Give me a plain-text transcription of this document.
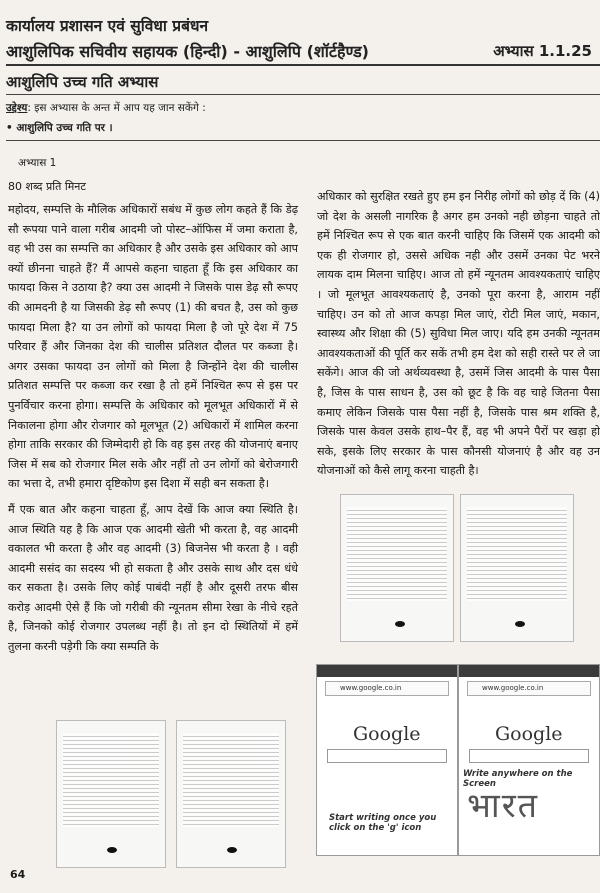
कार्यालय प्रशासन एवं सुविधा प्रबंधन
आशुलिपिक सचिवीय सहायक (हिन्दी) - आशुलिपि (शॉर्टहैण्ड)	अभ्यास 1.1.25
आशुलिपि उच्च गति अभ्यास
उद्देश्य: इस अभ्यास के अन्त में आप यह जान सकेंगे :
• आशुलिपि उच्च गति पर ।
अभ्यास 1

80 शब्द प्रति मिनट

महोदय, सम्पत्ति के मौलिक अधिकारों सबंध में कुछ लोग कहते हैं कि डेढ़ सौ रूपया पाने वाला गरीब आदमी जो पोस्ट–ऑफिस में जमा कराता है, वह भी उस का सम्पत्ति का अधिकार है और उसके इस अधिकार को आप क्यों छीनना चाहते हैं? मैं आपसे कहना चाहता हूँ कि इस अधिकार का फायदा किस ने उठाया है? क्या उस आदमी ने जिसके पास डेढ़ सौ रूपए की आमदनी है या जिसकी डेढ़ सौ रूपए (1) की बचत है, उस को कुछ फायदा मिला है? या उन लोगों को फायदा मिला है जो पूरे देश में 75 परिवार हैं और जिनका देश की चालीस प्रतिशत दौलत पर कब्जा है। अगर उसका फायदा उन लोगों को मिला है जिन्होंने देश की चालीस प्रतिशत सम्पत्ति पर कब्जा कर रखा है तो हमें निश्चित रूप से इस पर पुनर्विचार करना होगा। सम्पत्ति के अधिकार को मूलभूत अधिकारों में से निकालना होगा और रोजगार को मूलभूत (2) अधिकारों में शामिल करना होगा ताकि सरकार की जिम्मेदारी हो कि वह इस तरह की योजनाएं बनाए जिस में सब को रोजगार मिल सके और नहीं तो उन लोगों को बेरोजगारी का भत्ता दे, तभी हमारा दृष्टिकोण इस दिशा में सही बन सकता है।

मैं एक बात और कहना चाहता हूँ, आप देखें कि आज क्या स्थिति है। आज स्थिति यह है कि आज एक आदमी खेती भी करता है, वह आदमी वकालत भी करता है और वह आदमी (3) बिजनेस भी करता है । वही आदमी ससंद का सदस्य भी हो सकता है और उसके साथ और दस धंधे कर सकता है। उसके लिए कोई पाबंदी नहीं है और दूसरी तरफ बीस करोड़ आदमी ऐसे हैं कि जो गरीबी की न्यूनतम सीमा रेखा के नीचे रहते है, जिनको कोई रोजगार उपलब्ध नहीं है। तो इन दो स्थितियों में हमें तुलना करनी पड़ेगी कि क्या सम्पति के

अधिकार को सुरक्षित रखते हुए हम इन निरीह लोगों को छोड़ दें कि (4) जो देश के असली नागरिक है अगर हम उनको नही छोड़ना चाहते तो हमें निश्चित रूप से एक बात करनी चाहिए कि जिसमें एक आदमी को एक ही रोजगार हो, उससे अधिक नही और उसमें उनका पेट भरने लायक दाम मिलना चाहिए। आज तो हमें न्यूनतम आवश्यकताएं चाहिए । जो मूलभूत आवश्यकताएं है, उनको पूरा करना है, आराम नहीं चाहिए। उन को तो आज कपड़ा मिल जाएं, रोटी मिल जाएं, मकान, स्वास्थ्य और शिक्षा की (5) सुविधा मिल जाए। यदि हम उनकी न्यूनतम आवश्यकताओं की पूर्ति कर सकें तभी हम देश को सही रास्ते पर ले जा सकेंगे। आज की जो अर्थव्यवस्था है, उसमें जिस आदमी के पास पैसा है, जिस के पास साधन है, उस को छूट है कि वह चाहे जितना पैसा कमाए लेकिन जिसके पास पैसा नहीं है, जिसके पास श्रम शक्ति है, जिसके पास केवल उसके हाथ–पैर हैं, वह भी अपने पैरों पर खड़ा हो सके, इसके लिए सरकार के पास कौनसी योजनाएं है और वह उन योजनाओं को कैसे लागू करना चाहती है।

www.google.co.in
Google
Start writing once you click on the 'g' icon
www.google.co.in
Google
Write anywhere on the Screen
भारत
64
